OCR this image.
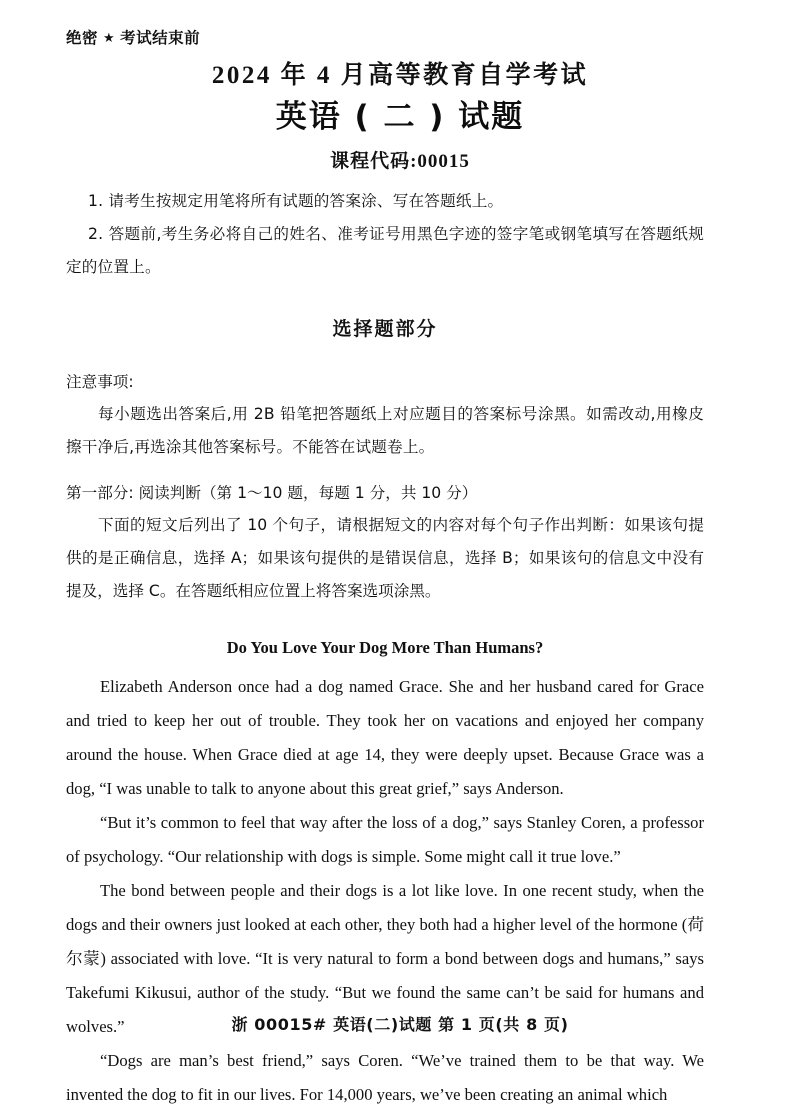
绝密 ★ 考试结束前
2024 年 4 月高等教育自学考试
英语 ( 二 ) 试题
课程代码:00015

1. 请考生按规定用笔将所有试题的答案涂、写在答题纸上。

2. 答题前,考生务必将自己的姓名、准考证号用黑色字迹的签字笔或钢笔填写在答题纸规定的位置上。

选择题部分

注意事项:

每小题选出答案后,用 2B 铅笔把答题纸上对应题目的答案标号涂黑。如需改动,用橡皮擦干净后,再选涂其他答案标号。不能答在试题卷上。

第一部分: 阅读判断（第 1～10 题，每题 1 分，共 10 分）

下面的短文后列出了 10 个句子，请根据短文的内容对每个句子作出判断：如果该句提供的是正确信息，选择 A；如果该句提供的是错误信息，选择 B；如果该句的信息文中没有提及，选择 C。在答题纸相应位置上将答案选项涂黑。

Do You Love Your Dog More Than Humans?

Elizabeth Anderson once had a dog named Grace. She and her husband cared for Grace and tried to keep her out of trouble. They took her on vacations and enjoyed her company around the house. When Grace died at age 14, they were deeply upset. Because Grace was a dog, “I was unable to talk to anyone about this great grief,” says Anderson.

“But it’s common to feel that way after the loss of a dog,” says Stanley Coren, a professor of psychology. “Our relationship with dogs is simple. Some might call it true love.”

The bond between people and their dogs is a lot like love. In one recent study, when the dogs and their owners just looked at each other, they both had a higher level of the hormone (荷尔蒙) associated with love. “It is very natural to form a bond between dogs and humans,” says Takefumi Kikusui, author of the study. “But we found the same can’t be said for humans and wolves.”

“Dogs are man’s best friend,” says Coren. “We’ve trained them to be that way. We invented the dog to fit in our lives. For 14,000 years, we’ve been creating an animal which

浙 00015# 英语(二)试题 第 1 页(共 8 页)
